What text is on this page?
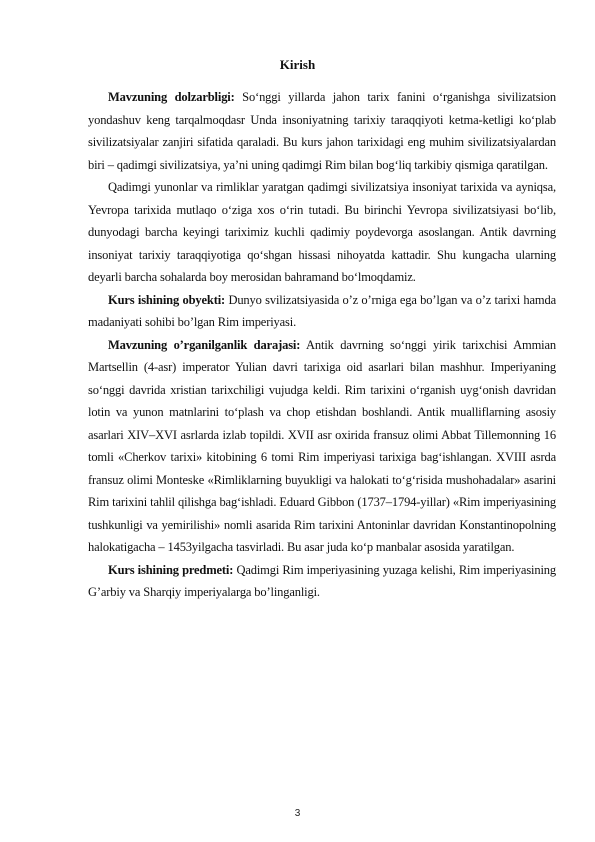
Kirish

Mavzuning dolzarbligi: So‘nggi yillarda jahon tarix fanini o‘rganishga sivilizatsion yondashuv keng tarqalmoqdasr Unda insoniyatning tarixiy taraqqiyoti ketma-ketligi ko‘plab sivilizatsiyalar zanjiri sifatida qaraladi. Bu kurs jahon tarixidagi eng muhim sivilizatsiyalardan biri – qadimgi sivilizatsiya, ya’ni uning qadimgi Rim bilan bog‘liq tarkibiy qismiga qaratilgan.

Qadimgi yunonlar va rimliklar yaratgan qadimgi sivilizatsiya insoniyat tarixida va ayniqsa, Yevropa tarixida mutlaqo o‘ziga xos o‘rin tutadi. Bu birinchi Yevropa sivilizatsiyasi bo‘lib, dunyodagi barcha keyingi tariximiz kuchli qadimiy poydevorga asoslangan. Antik davrning insoniyat tarixiy taraqqiyotiga qo‘shgan hissasi nihoyatda kattadir. Shu kungacha ularning deyarli barcha sohalarda boy merosidan bahramand bo‘lmoqdamiz.

Kurs ishining obyekti: Dunyo svilizatsiyasida o’z o’rniga ega bo’lgan va o’z tarixi hamda madaniyati sohibi bo’lgan Rim imperiyasi.

Mavzuning o’rganilganlik darajasi: Antik davrning so‘nggi yirik tarixchisi Ammian Martsellin (4-asr) imperator Yulian davri tarixiga oid asarlari bilan mashhur. Imperiyaning so‘nggi davrida xristian tarixchiligi vujudga keldi. Rim tarixini o‘rganish uyg‘onish davridan lotin va yunon matnlarini to‘plash va chop etishdan boshlandi. Antik mualliflarning asosiy asarlari XIV–XVI asrlarda izlab topildi. XVII asr oxirida fransuz olimi Abbat Tillemonning 16 tomli «Cherkov tarixi» kitobining 6 tomi Rim imperiyasi tarixiga bag‘ishlangan. XVIII asrda fransuz olimi Monteske «Rimliklarning buyukligi va halokati to‘g‘risida mushohadalar» asarini Rim tarixini tahlil qilishga bag‘ishladi. Eduard Gibbon (1737–1794-yillar) «Rim imperiyasining tushkunligi va yemirilishi» nomli asarida Rim tarixini Antoninlar davridan Konstantinopolning halokatigacha – 1453yilgacha tasvirladi. Bu asar juda ko‘p manbalar asosida yaratilgan.

Kurs ishining predmeti: Qadimgi Rim imperiyasining yuzaga kelishi, Rim imperiyasining G’arbiy va Sharqiy imperiyalarga bo’linganligi.

3
